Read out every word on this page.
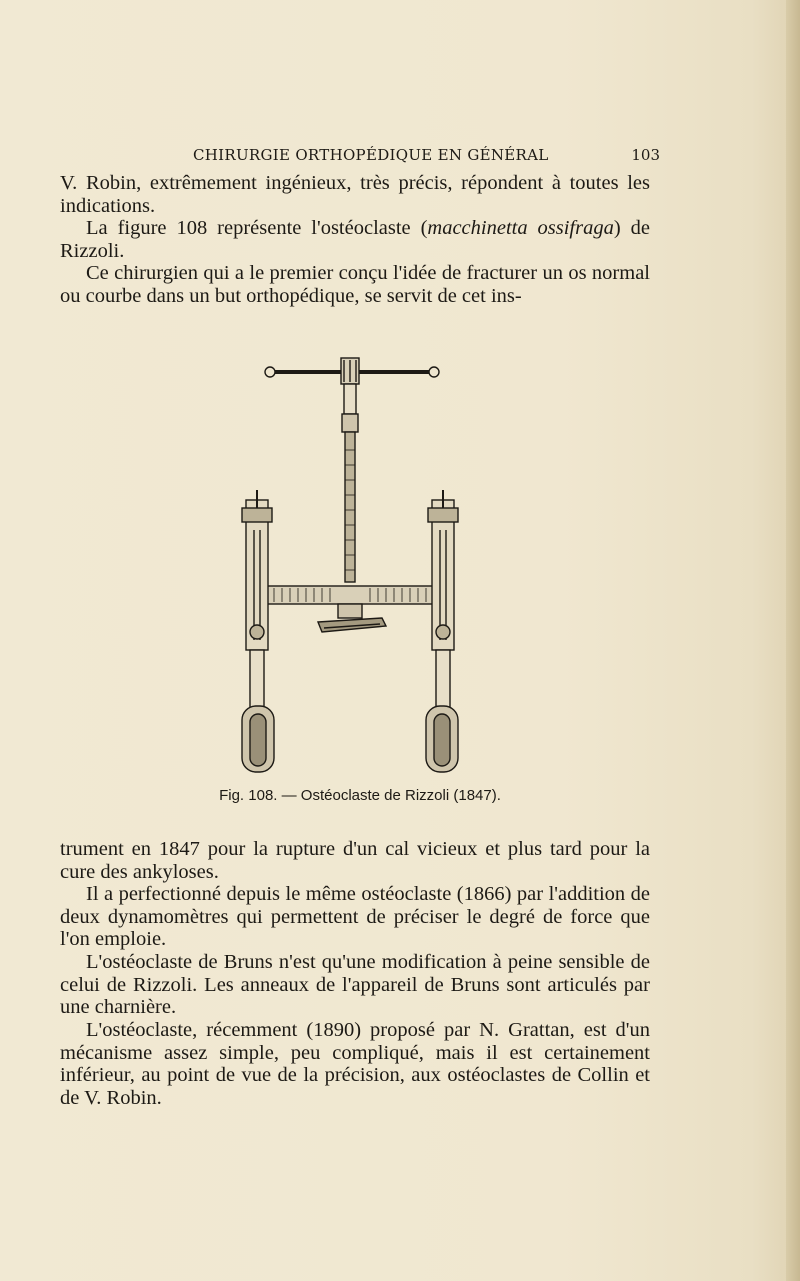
CHIRURGIE ORTHOPÉDIQUE EN GÉNÉRAL	103

V. Robin, extrêmement ingénieux, très précis, répondent à toutes les indications.

La figure 108 représente l'ostéoclaste (macchinetta ossifraga) de Rizzoli.

Ce chirurgien qui a le premier conçu l'idée de fracturer un os normal ou courbe dans un but orthopédique, se servit de cet ins-

Fig. 108. — Ostéoclaste de Rizzoli (1847).

trument en 1847 pour la rupture d'un cal vicieux et plus tard pour la cure des ankyloses.

Il a perfectionné depuis le même ostéoclaste (1866) par l'addition de deux dynamomètres qui permettent de préciser le degré de force que l'on emploie.

L'ostéoclaste de Bruns n'est qu'une modification à peine sensible de celui de Rizzoli. Les anneaux de l'appareil de Bruns sont articulés par une charnière.

L'ostéoclaste, récemment (1890) proposé par N. Grattan, est d'un mécanisme assez simple, peu compliqué, mais il est certainement inférieur, au point de vue de la précision, aux ostéoclastes de Collin et de V. Robin.
